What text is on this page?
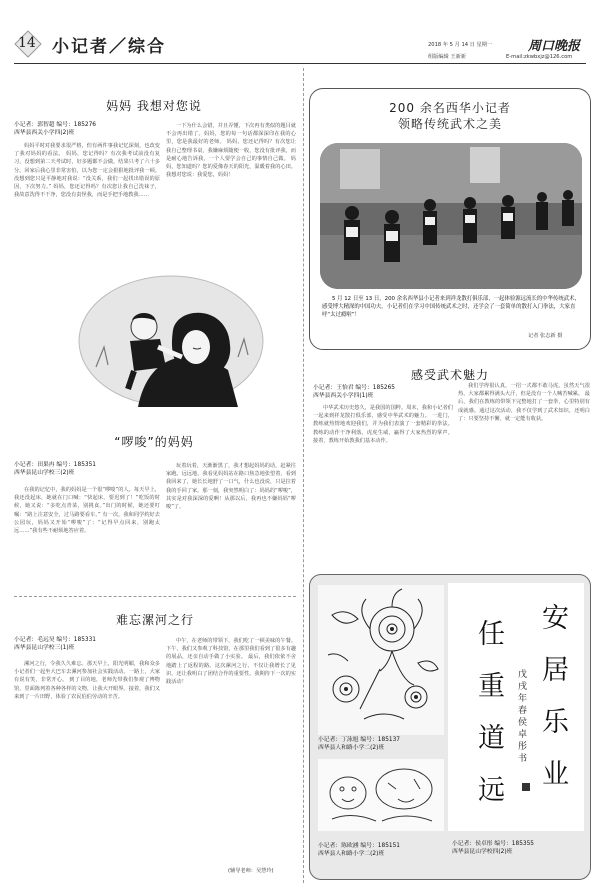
14 小记者／综合	2018 年 5 月 14 日 星期一	周口晚报
组版编辑 王新新	E-mail:zkwbxjz@126.com
妈妈 我想对您说
小记者：郭智超 编号：185276
西华县西关小学四(2)班
妈妈平时对我要求很严格，但有两件事我记忆深刻，也改变了我对妈妈的看法。 妈妈，您记得吗？有次我考试前没有复习，没想到第二天考试时，好多题都不会做，结果只考了六十多分。回家后我心里非常害怕，以为您一定会狠狠地批评我一顿。没想到您只是平静地对我说：“没关系，我们一起找出错误的原因，下次努力。” 妈妈，您还记得吗？有次您让我自己洗袜子，我故意洗得不干净，您没有责怪我，而是手把手地教我……
一下为什么会错，并且弄懂，下次再有类似的题目就不会再出错了。妈妈，您的每一句话都深深印在我的心里，您是我最好的老师。 妈妈，您还记得吗？有次您让我自己整理书桌，我嫌麻烦随便一收，您没有批评我，而是耐心地告诉我，一个人要学会自己的事情自己做。 妈妈，您知道吗？您的爱像春天的阳光，温暖着我的心田。我想对您说：我爱您，妈妈！
“啰唆”的妈妈
小记者：田果冉 编号：185351
西华县昆山学校三(2)班
在我的记忆中，我的妈妈是一个很“啰唆”的人。每天早上，我还没起床，她就在门口喊：“快起床，要迟到了！”吃饭的时候，她又说：“多吃点青菜，别挑食。”出门的时候，她还要叮嘱：“路上注意安全，过马路要看车。” 有一次，我和同学约好去公园玩，妈妈又开始“啰唆”了：“记得早点回来，别跑太远……”我有些不耐烦地答应着。
玩着玩着，天渐渐黑了，我才想起妈妈的话，赶紧往家跑。远远地，我看见妈妈站在路口焦急地张望着，看到我回来了，她长长地舒了一口气，什么也没说，只是拉着我的手回了家。那一刻，我突然明白了：妈妈的“啰唆”，其实是对我深深的爱啊！从那以后，我再也不嫌妈妈“啰唆”了。
难忘漯河之行
小记者：毛远昊 编号：185331
西华县昆山学校三(1)班
漯河之行，令我久久难忘。那天早上，阳光明媚，我和众多小记者们一起坐大巴车去漯河参加社会实践活动。一路上，大家有说有笑，非常开心。 到了目的地，老师先带我们参观了博物馆，里面陈列着各种各样的文物，让我大开眼界。接着，我们又来到了一片田野，体验了农民伯伯劳动的辛苦。
中午，在老师的带领下，我们吃了一顿美味的午餐。下午，我们又参观了科技馆，在那里我们看到了很多有趣的展品，还亲自动手做了小实验。 最后，我们依依不舍地踏上了返程的路。这次漯河之行，不仅让我增长了见识，还让我明白了团结合作的重要性。我期待下一次的实践活动！
(辅导老师：吴慧玲)
200 余名西华小记者
领略传统武术之美
5 月 12 日至 13 日，200 余名西华县小记者来到祥龙散打俱乐部，一起体验源远流长的中华传统武术，感受博大精深的中国功夫。小记者们在学习中国传统武术之时，还学会了一套简单的散打入门拳法，大家直呼“太过瘾啦”！
记者 张志新 摄
感受武术魅力
小记者：王怡君 编号：185265
西华县西关小学四(1)班
中华武术历史悠久，是我国的国粹。周末，我和小记者们一起来到祥龙散打俱乐部，感受中华武术的魅力。 一进门，教练就热情地欢迎我们，并为我们表演了一套精彩的拳法。教练的动作干净利落，虎虎生威，赢得了大家热烈的掌声。接着，教练开始教我们基本动作。
我们学得很认真，一招一式都不敢马虎。虽然天气很热，大家都累得满头大汗，但是没有一个人喊苦喊累。 最后，我们在教练的带领下完整地打了一套拳，心里特别有成就感。通过这次活动，我不仅学到了武术知识，还明白了：只要坚持不懈，就一定能有收获。
小记者：丁泳旭 编号：185137
西华县人和路小学二(2)班
小记者：陈欧涵 编号：185151
西华县人和路小学二(2)班
安居乐业
任重道远
戊戌年春侯卓彤书
小记者：侯卓彤 编号：185355
西华县昆山学校四(2)班
